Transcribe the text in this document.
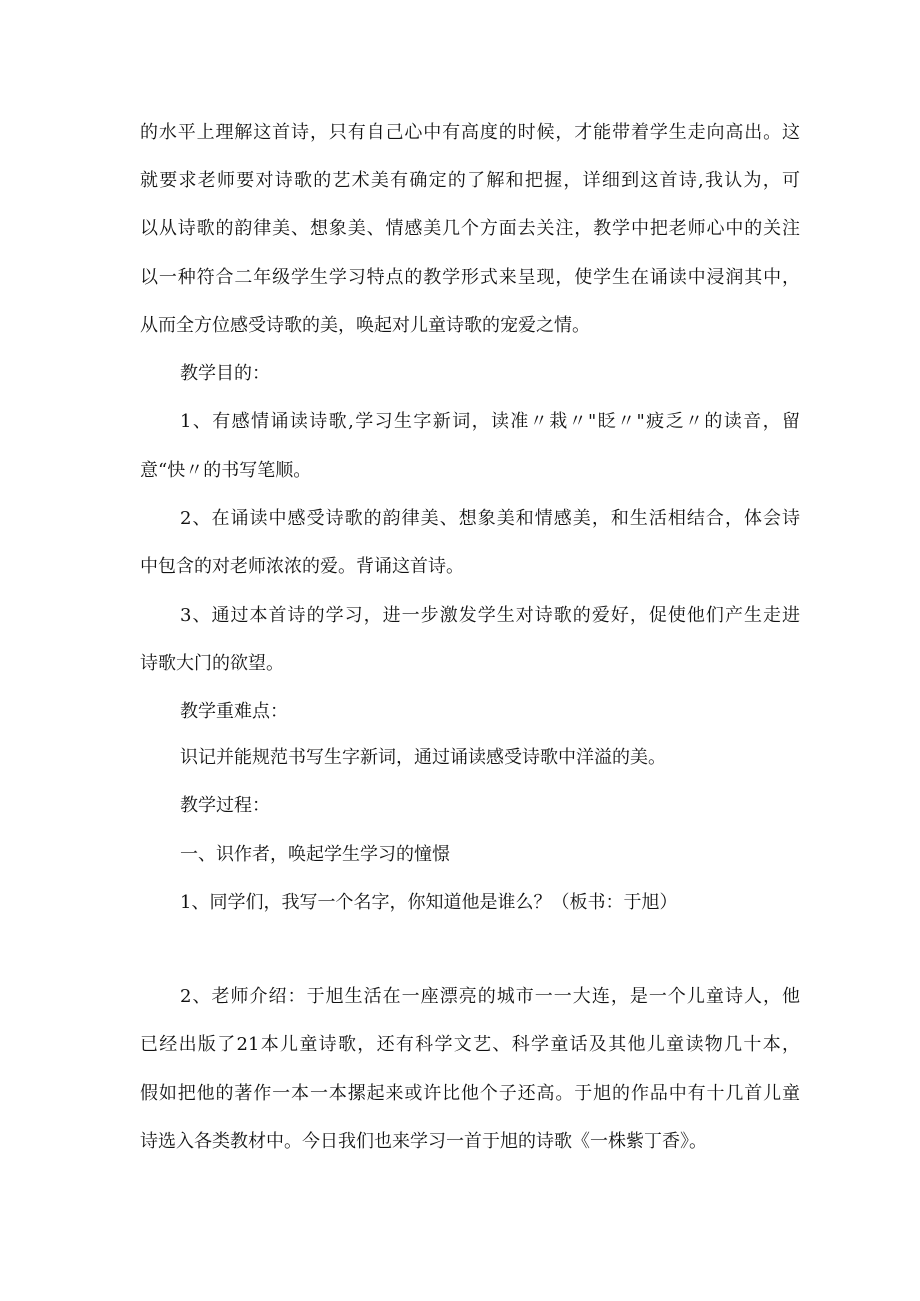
的水平上理解这首诗，只有自己心中有高度的时候，才能带着学生走向高出。这
就要求老师要对诗歌的艺术美有确定的了解和把握，详细到这首诗,我认为，可
以从诗歌的韵律美、想象美、情感美几个方面去关注，教学中把老师心中的关注
以一种符合二年级学生学习特点的教学形式来呈现，使学生在诵读中浸润其中，
从而全方位感受诗歌的美，唤起对儿童诗歌的宠爱之情。
教学目的：
1、有感情诵读诗歌,学习生字新词，读准〃栽〃"眨〃"疲乏〃的读音，留
意“快〃的书写笔顺。
2、在诵读中感受诗歌的韵律美、想象美和情感美，和生活相结合，体会诗
中包含的对老师浓浓的爱。背诵这首诗。
3、通过本首诗的学习，进一步激发学生对诗歌的爱好，促使他们产生走进
诗歌大门的欲望。
教学重难点：
识记并能规范书写生字新词，通过诵读感受诗歌中洋溢的美。
教学过程：
一、识作者，唤起学生学习的憧憬
1、同学们，我写一个名字，你知道他是谁么？（板书：于旭）
2、老师介绍：于旭生活在一座漂亮的城市一一大连，是一个儿童诗人，他
已经出版了21本儿童诗歌，还有科学文艺、科学童话及其他儿童读物几十本，
假如把他的著作一本一本摞起来或许比他个子还高。于旭的作品中有十几首儿童
诗选入各类教材中。今日我们也来学习一首于旭的诗歌《一株紫丁香》。
